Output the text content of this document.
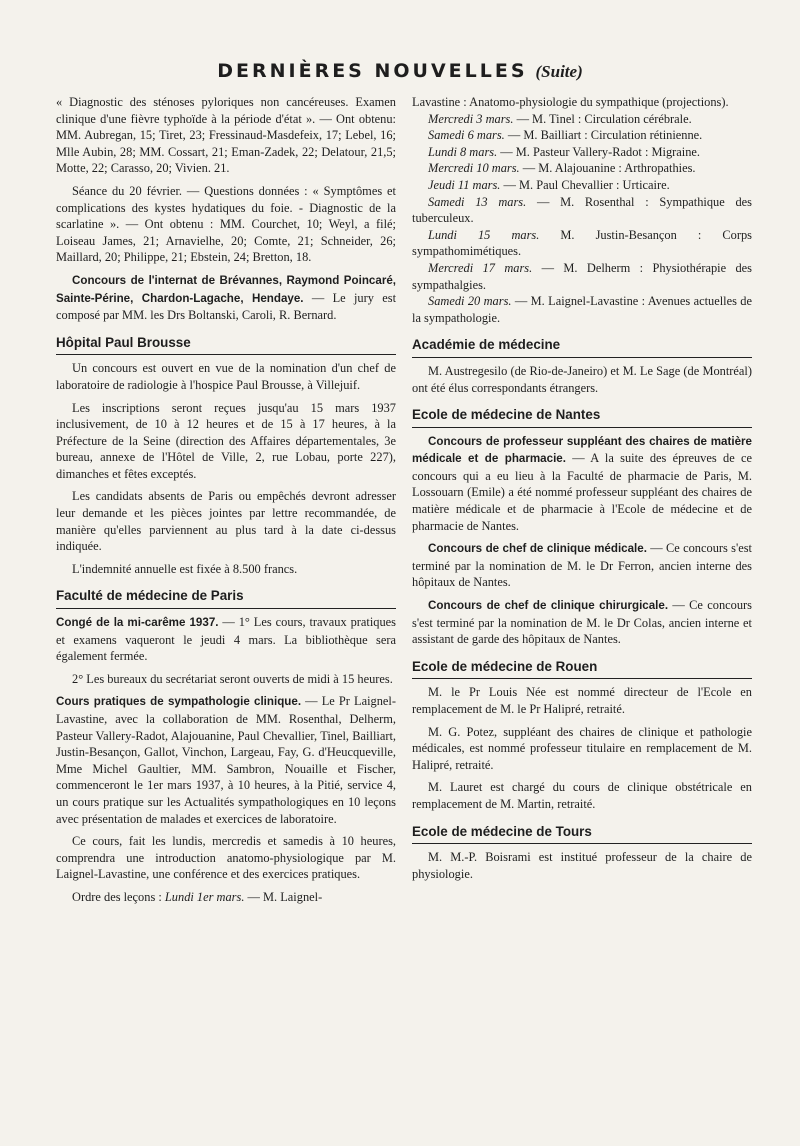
DERNIÈRES NOUVELLES (Suite)

« Diagnostic des sténoses pyloriques non cancéreuses. Examen clinique d'une fièvre typhoïde à la période d'état ». — Ont obtenu: MM. Aubregan, 15; Tiret, 23; Fressinaud-Masdefeix, 17; Lebel, 16; Mlle Aubin, 28; MM. Cossart, 21; Eman-Zadek, 22; Delatour, 21,5; Motte, 22; Carasso, 20; Vivien. 21.

Séance du 20 février. — Questions données : « Symptômes et complications des kystes hydatiques du foie. - Diagnostic de la scarlatine ». — Ont obtenu : MM. Courchet, 10; Weyl, a filé; Loiseau James, 21; Arnavielhe, 20; Comte, 21; Schneider, 26; Maillard, 20; Philippe, 21; Ebstein, 24; Bretton, 18.

Concours de l'internat de Brévannes, Raymond Poincaré, Sainte-Périne, Chardon-Lagache, Hendaye. — Le jury est composé par MM. les Drs Boltanski, Caroli, R. Bernard.

Hôpital Paul Brousse

Un concours est ouvert en vue de la nomination d'un chef de laboratoire de radiologie à l'hospice Paul Brousse, à Villejuif.

Les inscriptions seront reçues jusqu'au 15 mars 1937 inclusivement, de 10 à 12 heures et de 15 à 17 heures, à la Préfecture de la Seine (direction des Affaires départementales, 3e bureau, annexe de l'Hôtel de Ville, 2, rue Lobau, porte 227), dimanches et fêtes exceptés.

Les candidats absents de Paris ou empêchés devront adresser leur demande et les pièces jointes par lettre recommandée, de manière qu'elles parviennent au plus tard à la date ci-dessus indiquée.

L'indemnité annuelle est fixée à 8.500 francs.

Faculté de médecine de Paris

Congé de la mi-carême 1937. — 1° Les cours, travaux pratiques et examens vaqueront le jeudi 4 mars. La bibliothèque sera également fermée.

2° Les bureaux du secrétariat seront ouverts de midi à 15 heures.

Cours pratiques de sympathologie clinique. — Le Pr Laignel-Lavastine, avec la collaboration de MM. Rosenthal, Delherm, Pasteur Vallery-Radot, Alajouanine, Paul Chevallier, Tinel, Bailliart, Justin-Besançon, Gallot, Vinchon, Largeau, Fay, G. d'Heucqueville, Mme Michel Gaultier, MM. Sambron, Nouaille et Fischer, commenceront le 1er mars 1937, à 10 heures, à la Pitié, service 4, un cours pratique sur les Actualités sympathologiques en 10 leçons avec présentation de malades et exercices de laboratoire.

Ce cours, fait les lundis, mercredis et samedis à 10 heures, comprendra une introduction anatomo-physiologique par M. Laignel-Lavastine, une conférence et des exercices pratiques.

Ordre des leçons : Lundi 1er mars. — M. Laignel-

Lavastine : Anatomo-physiologie du sympathique (projections).

Mercredi 3 mars. — M. Tinel : Circulation cérébrale.

Samedi 6 mars. — M. Bailliart : Circulation rétinienne.

Lundi 8 mars. — M. Pasteur Vallery-Radot : Migraine.

Mercredi 10 mars. — M. Alajouanine : Arthropathies.

Jeudi 11 mars. — M. Paul Chevallier : Urticaire.

Samedi 13 mars. — M. Rosenthal : Sympathique des tuberculeux.

Lundi 15 mars. M. Justin-Besançon : Corps sympathomimétiques.

Mercredi 17 mars. — M. Delherm : Physiothérapie des sympathalgies.

Samedi 20 mars. — M. Laignel-Lavastine : Avenues actuelles de la sympathologie.

Académie de médecine

M. Austregesilo (de Rio-de-Janeiro) et M. Le Sage (de Montréal) ont été élus correspondants étrangers.

Ecole de médecine de Nantes

Concours de professeur suppléant des chaires de matière médicale et de pharmacie. — A la suite des épreuves de ce concours qui a eu lieu à la Faculté de pharmacie de Paris, M. Lossouarn (Emile) a été nommé professeur suppléant des chaires de matière médicale et de pharmacie à l'Ecole de médecine et de pharmacie de Nantes.

Concours de chef de clinique médicale. — Ce concours s'est terminé par la nomination de M. le Dr Ferron, ancien interne des hôpitaux de Nantes.

Concours de chef de clinique chirurgicale. — Ce concours s'est terminé par la nomination de M. le Dr Colas, ancien interne et assistant de garde des hôpitaux de Nantes.

Ecole de médecine de Rouen

M. le Pr Louis Née est nommé directeur de l'Ecole en remplacement de M. le Pr Halipré, retraité.

M. G. Potez, suppléant des chaires de clinique et pathologie médicales, est nommé professeur titulaire en remplacement de M. Halipré, retraité.

M. Lauret est chargé du cours de clinique obstétricale en remplacement de M. Martin, retraité.

Ecole de médecine de Tours

M. M.-P. Boisrami est institué professeur de la chaire de physiologie.
